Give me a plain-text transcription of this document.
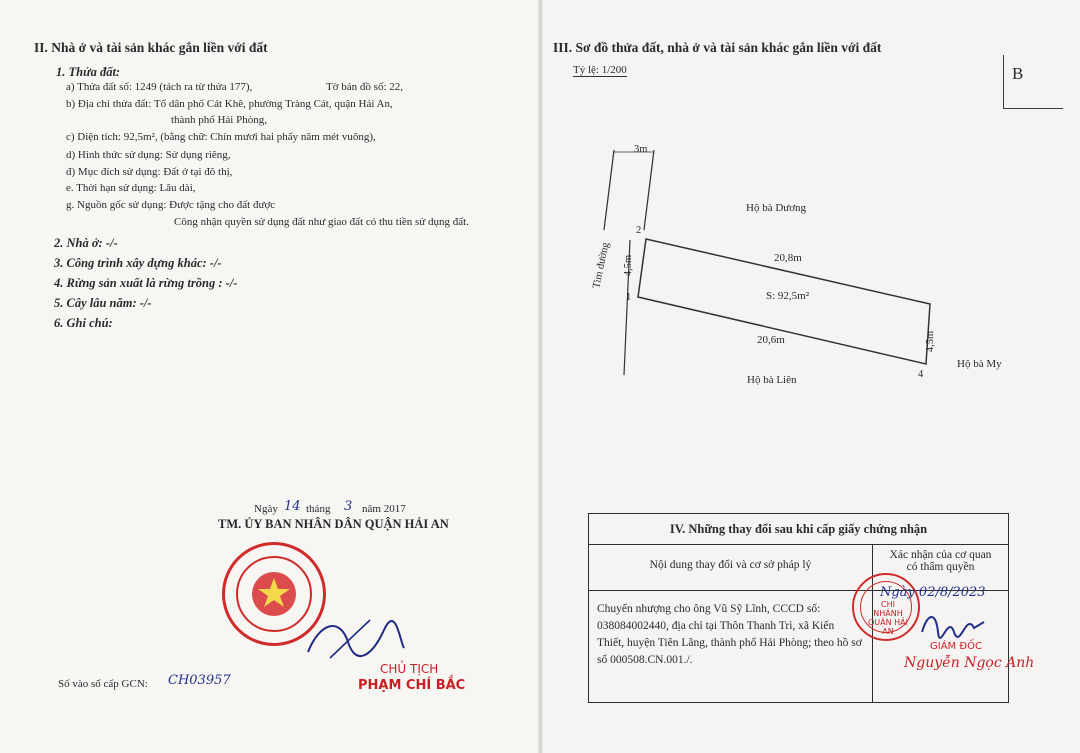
II. Nhà ở và tài sản khác gắn liền với đất
1. Thửa đất:
a) Thửa đất số: 1249 (tách ra từ thửa 177),	Tờ bản đồ số: 22,
b) Địa chỉ thửa đất: Tổ dân phố Cát Khê, phường Tràng Cát, quận Hải An,
thành phố Hải Phòng,
c) Diện tích: 92,5m², (bằng chữ: Chín mươi hai phẩy năm mét vuông),
d) Hình thức sử dụng: Sử dụng riêng,
đ) Mục đích sử dụng: Đất ở tại đô thị,
e. Thời hạn sử dụng: Lâu dài,
g. Nguồn gốc sử dụng: Được tặng cho đất được
Công nhận quyền sử dụng đất như giao đất có thu tiền sử dụng đất.
2. Nhà ở: -/-
3. Công trình xây dựng khác: -/-
4. Rừng sản xuất là rừng trồng : -/-
5. Cây lâu năm: -/-
6. Ghi chú:
Ngày 14 tháng 3 năm 2017
TM. ỦY BAN NHÂN DÂN QUẬN HẢI AN
CHỦ TỊCH
PHẠM CHÍ BẮC
Số vào sổ cấp GCN: CH03957
III. Sơ đồ thửa đất, nhà ở và tài sản khác gắn liền với đất
Tỷ lệ: 1/200	B
3m
Hộ bà Dương
Tim đường 4,5m
2
1
20,8m
S: 92,5m²
20,6m	4,5m
4
Hộ bà My
Hộ bà Liên
IV. Những thay đổi sau khi cấp giấy chứng nhận	
Nội dung thay đổi và cơ sở pháp lý	Xác nhận của cơ quan
có thẩm quyền

Chuyển nhượng cho ông Vũ Sỹ Lĩnh, CCCD số:
038084002440, địa chỉ tại Thôn Thanh Trì, xã Kiến
Thiết, huyện Tiên Lãng, thành phố Hải Phòng; theo hồ sơ
số 000508.CN.001./.	

CHI NHÁNH QUẬN HẢI AN
Ngày 02/8/2023
GIÁM ĐỐC
Nguyễn Ngọc Anh
